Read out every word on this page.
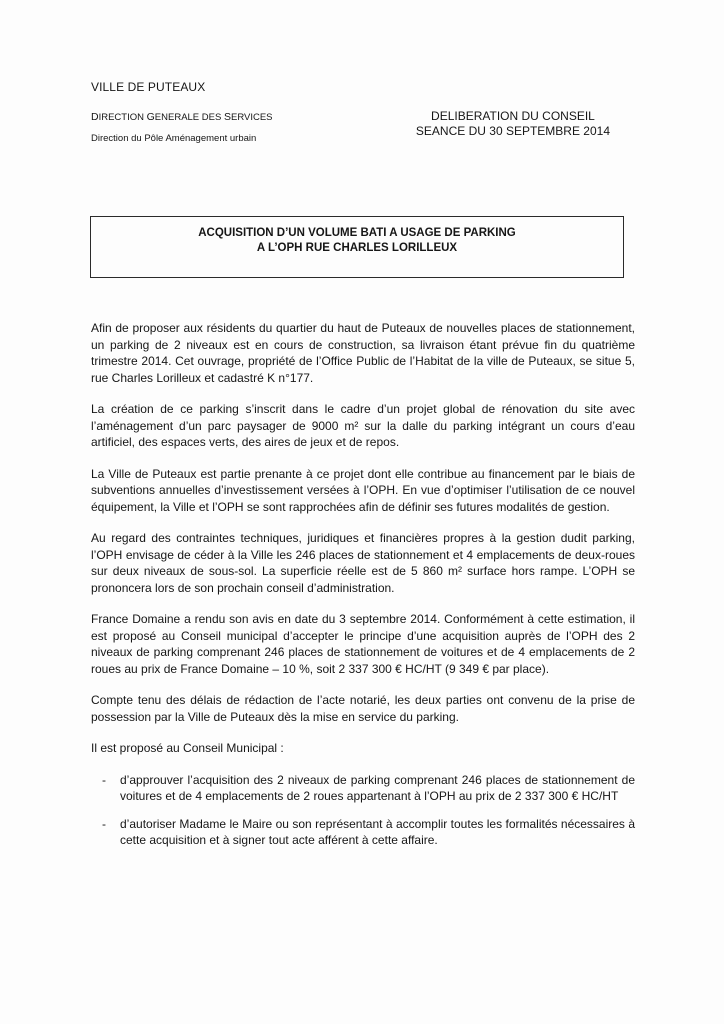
VILLE DE PUTEAUX
DIRECTION GENERALE DES SERVICES
Direction du Pôle Aménagement urbain
DELIBERATION DU CONSEIL
SEANCE DU 30 SEPTEMBRE 2014
ACQUISITION D’UN VOLUME BATI A USAGE DE PARKING
A L’OPH RUE CHARLES LORILLEUX

Afin de proposer aux résidents du quartier du haut de Puteaux de nouvelles places de stationnement, un parking de 2 niveaux est en cours de construction, sa livraison étant prévue fin du quatrième trimestre 2014. Cet ouvrage, propriété de l’Office Public de l’Habitat de la ville de Puteaux, se situe 5, rue Charles Lorilleux et cadastré K n°177.

La création de ce parking s’inscrit dans le cadre d’un projet global de rénovation du site avec l’aménagement d’un parc paysager de 9000 m² sur la dalle du parking intégrant un cours d’eau artificiel, des espaces verts, des aires de jeux et de repos.

La Ville de Puteaux est partie prenante à ce projet dont elle contribue au financement par le biais de subventions annuelles d’investissement versées à l’OPH. En vue d’optimiser l’utilisation de ce nouvel équipement, la Ville et l’OPH se sont rapprochées afin de définir ses futures modalités de gestion.

Au regard des contraintes techniques, juridiques et financières propres à la gestion dudit parking, l’OPH envisage de céder à la Ville les 246 places de stationnement et 4 emplacements de deux-roues sur deux niveaux de sous-sol. La superficie réelle est de 5 860 m² surface hors rampe. L’OPH se prononcera lors de son prochain conseil d’administration.

France Domaine a rendu son avis en date du 3 septembre 2014. Conformément à cette estimation, il est proposé au Conseil municipal d’accepter le principe d’une acquisition auprès de l’OPH des 2 niveaux de parking comprenant 246 places de stationnement de voitures et de 4 emplacements de 2 roues au prix de France Domaine – 10 %, soit 2 337 300 € HC/HT (9 349 € par place).

Compte tenu des délais de rédaction de l’acte notarié, les deux parties ont convenu de la prise de possession par la Ville de Puteaux dès la mise en service du parking.

Il est proposé au Conseil Municipal :

- d’approuver l’acquisition des 2 niveaux de parking comprenant 246 places de stationnement de voitures et de 4 emplacements de 2 roues appartenant à l’OPH au prix de 2 337 300 € HC/HT
- d’autoriser Madame le Maire ou son représentant à accomplir toutes les formalités nécessaires à cette acquisition et à signer tout acte afférent à cette affaire.
